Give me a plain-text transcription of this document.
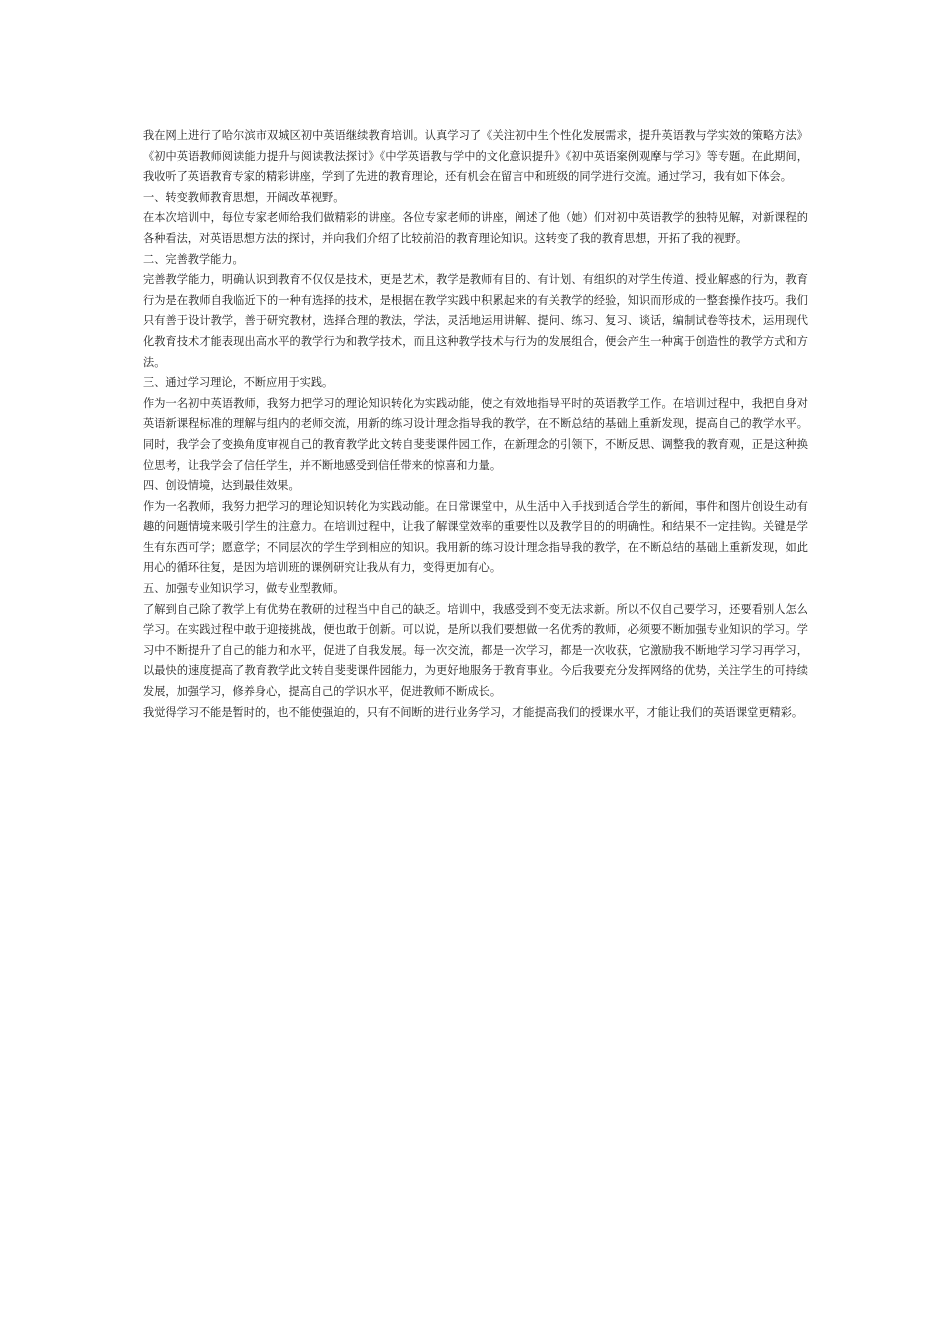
我在网上进行了哈尔滨市双城区初中英语继续教育培训。认真学习了《关注初中生个性化发展需求，提升英语教与学实效的策略方法》《初中英语教师阅读能力提升与阅读教法探讨》《中学英语教与学中的文化意识提升》《初中英语案例观摩与学习》等专题。在此期间，我收听了英语教育专家的精彩讲座，学到了先进的教育理论，还有机会在留言中和班级的同学进行交流。通过学习，我有如下体会。

一、转变教师教育思想，开阔改革视野。

在本次培训中，每位专家老师给我们做精彩的讲座。各位专家老师的讲座，阐述了他（她）们对初中英语教学的独特见解，对新课程的各种看法，对英语思想方法的探讨，并向我们介绍了比较前沿的教育理论知识。这转变了我的教育思想，开拓了我的视野。

二、完善教学能力。

完善教学能力，明确认识到教育不仅仅是技术，更是艺术，教学是教师有目的、有计划、有组织的对学生传道、授业解惑的行为，教育行为是在教师自我临近下的一种有选择的技术，是根据在教学实践中积累起来的有关教学的经验，知识而形成的一整套操作技巧。我们只有善于设计教学，善于研究教材，选择合理的教法，学法，灵活地运用讲解、提问、练习、复习、谈话，编制试卷等技术，运用现代化教育技术才能表现出高水平的教学行为和教学技术，而且这种教学技术与行为的发展组合，便会产生一种寓于创造性的教学方式和方法。

三、通过学习理论，不断应用于实践。

作为一名初中英语教师，我努力把学习的理论知识转化为实践动能，使之有效地指导平时的英语教学工作。在培训过程中，我把自身对英语新课程标准的理解与组内的老师交流，用新的练习设计理念指导我的教学，在不断总结的基础上重新发现，提高自己的教学水平。同时，我学会了变换角度审视自己的教育教学此文转自斐斐课件园工作，在新理念的引领下，不断反思、调整我的教育观，正是这种换位思考，让我学会了信任学生，并不断地感受到信任带来的惊喜和力量。

四、创设情境，达到最佳效果。

作为一名教师，我努力把学习的理论知识转化为实践动能。在日常课堂中，从生活中入手找到适合学生的新闻，事件和图片创设生动有趣的问题情境来吸引学生的注意力。在培训过程中，让我了解课堂效率的重要性以及教学目的的明确性。和结果不一定挂钩。关键是学生有东西可学；愿意学；不同层次的学生学到相应的知识。我用新的练习设计理念指导我的教学，在不断总结的基础上重新发现，如此用心的循环往复，是因为培训班的课例研究让我从有力，变得更加有心。

五、加强专业知识学习，做专业型教师。

了解到自己除了教学上有优势在教研的过程当中自己的缺乏。培训中，我感受到不变无法求新。所以不仅自己要学习，还要看别人怎么学习。在实践过程中敢于迎接挑战，便也敢于创新。可以说，是所以我们要想做一名优秀的教师，必须要不断加强专业知识的学习。学习中不断提升了自己的能力和水平，促进了自我发展。每一次交流，都是一次学习，都是一次收获，它激励我不断地学习学习再学习，以最快的速度提高了教育教学此文转自斐斐课件园能力，为更好地服务于教育事业。今后我要充分发挥网络的优势，关注学生的可持续发展，加强学习，修养身心，提高自己的学识水平，促进教师不断成长。

我觉得学习不能是暂时的，也不能使强迫的，只有不间断的进行业务学习，才能提高我们的授课水平，才能让我们的英语课堂更精彩。
